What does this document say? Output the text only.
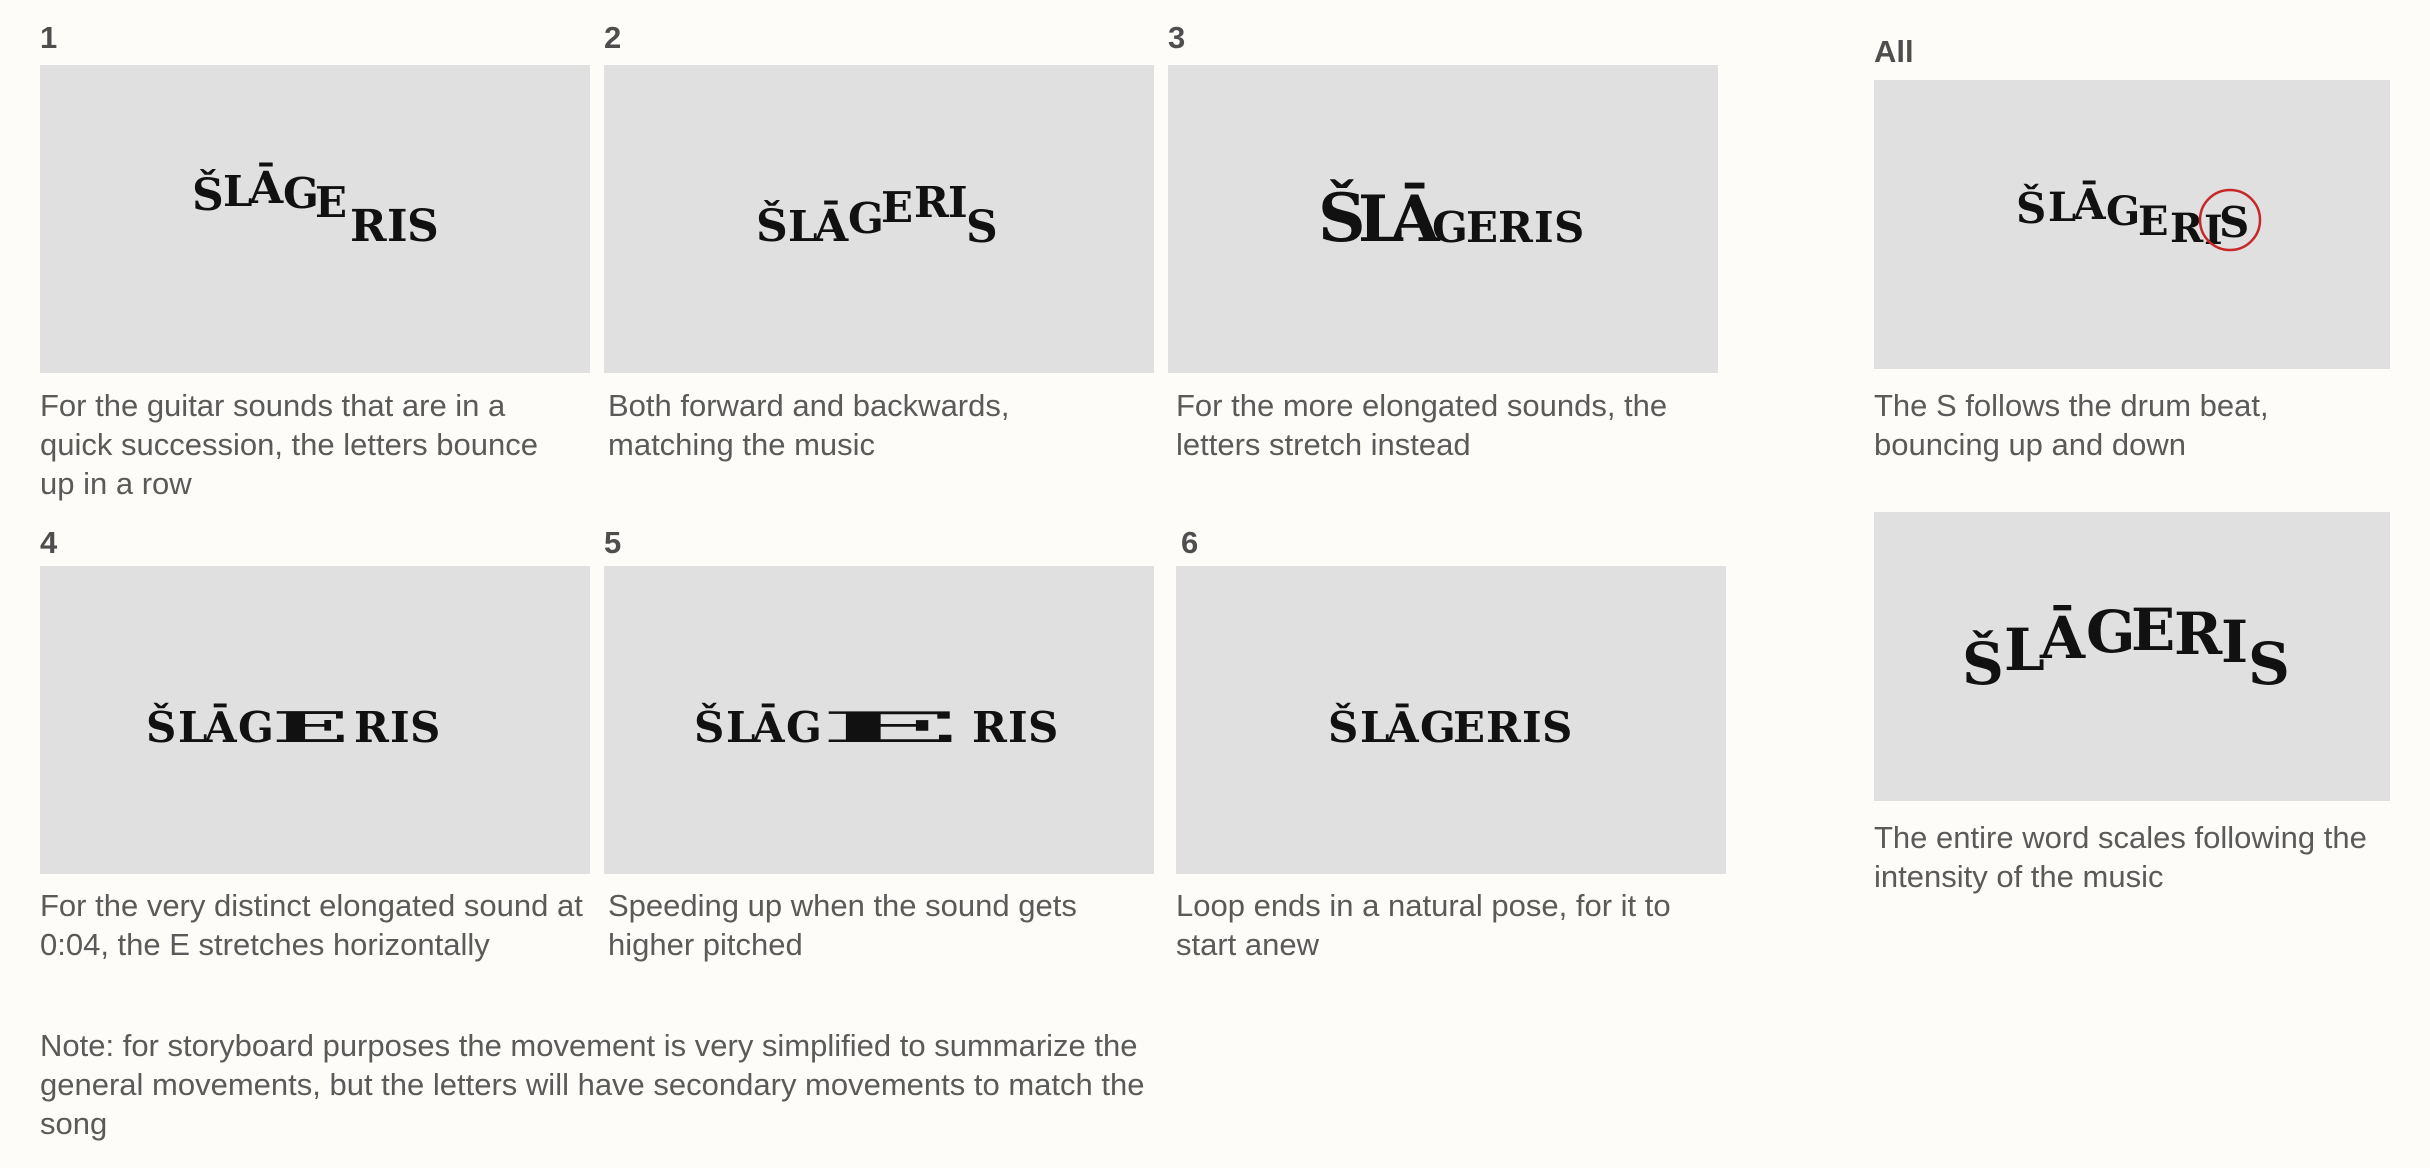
1
Š L
Ā G
E R I S
For the guitar sounds that are in a quick succession, the letters bounce up in a row
2
Š L
Ā G
E R I
S
Both forward and backwards, matching the music
3
Š
L
Ā
G
E R I S
For the more elongated sounds, the letters stretch instead
4
Š L
Ā G
E R I S
For the very distinct elongated sound at 0:04, the E stretches horizontally
5
Š L
Ā G
E R I S
Speeding up when the sound gets higher pitched
6
Š L
Ā G
E R I S
Loop ends in a natural pose, for it to start anew
All
Š L
Ā G
E R I
S
The S follows the drum beat, bouncing up and down
Š L
Ā G
E
R
I S
The entire word scales following the intensity of the music
Note: for storyboard purposes the movement is very simplified to summarize the general movements, but the letters will have secondary movements to match the song
